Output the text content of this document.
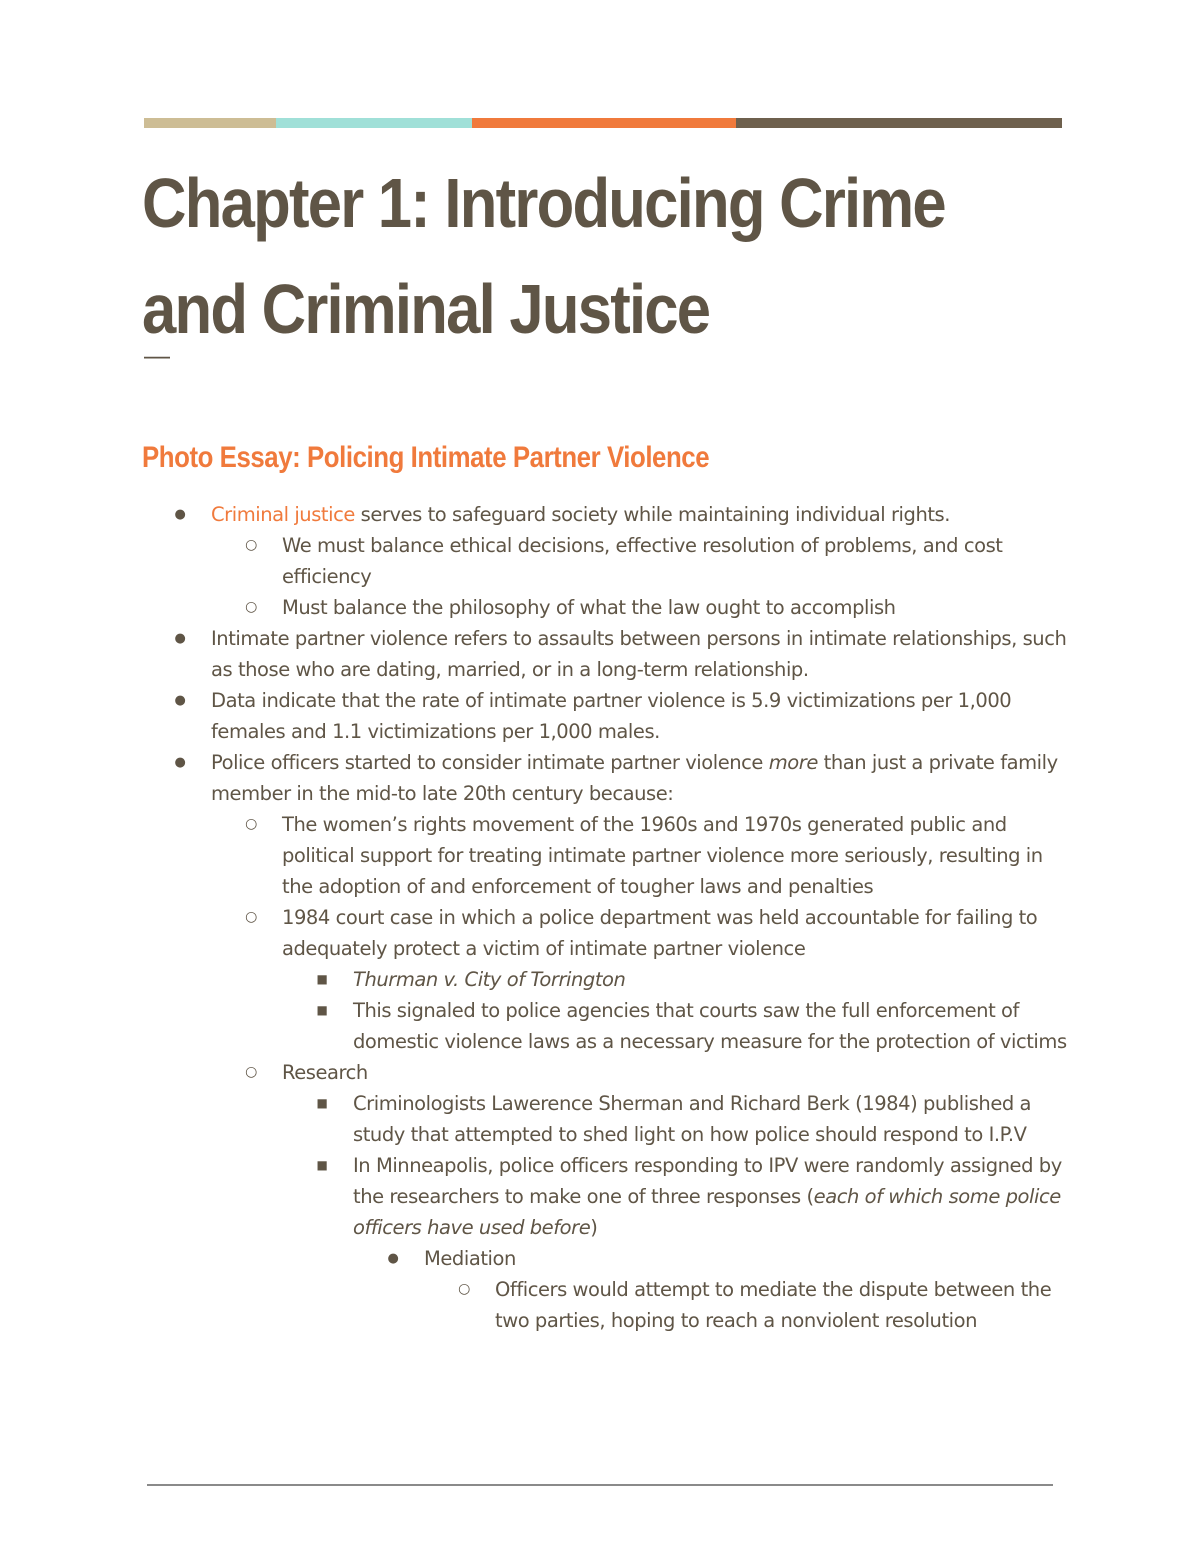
Chapter 1: Introducing Crime
and Criminal Justice
—
Photo Essay: Policing Intimate Partner Violence
● Criminal justice serves to safeguard society while maintaining individual rights.
○ We must balance ethical decisions, effective resolution of problems, and cost efficiency
○ Must balance the philosophy of what the law ought to accomplish
● Intimate partner violence refers to assaults between persons in intimate relationships, such as those who are dating, married, or in a long-term relationship.
● Data indicate that the rate of intimate partner violence is 5.9 victimizations per 1,000 females and 1.1 victimizations per 1,000 males.
● Police officers started to consider intimate partner violence more than just a private family member in the mid-to late 20th century because:
○ The women’s rights movement of the 1960s and 1970s generated public and political support for treating intimate partner violence more seriously, resulting in the adoption of and enforcement of tougher laws and penalties
○ 1984 court case in which a police department was held accountable for failing to adequately protect a victim of intimate partner violence
■ Thurman v. City of Torrington
■ This signaled to police agencies that courts saw the full enforcement of domestic violence laws as a necessary measure for the protection of victims
○ Research
■ Criminologists Lawerence Sherman and Richard Berk (1984) published a study that attempted to shed light on how police should respond to I.P.V
■ In Minneapolis, police officers responding to IPV were randomly assigned by the researchers to make one of three responses (each of which some police officers have used before)
● Mediation
○ Officers would attempt to mediate the dispute between the two parties, hoping to reach a nonviolent resolution
